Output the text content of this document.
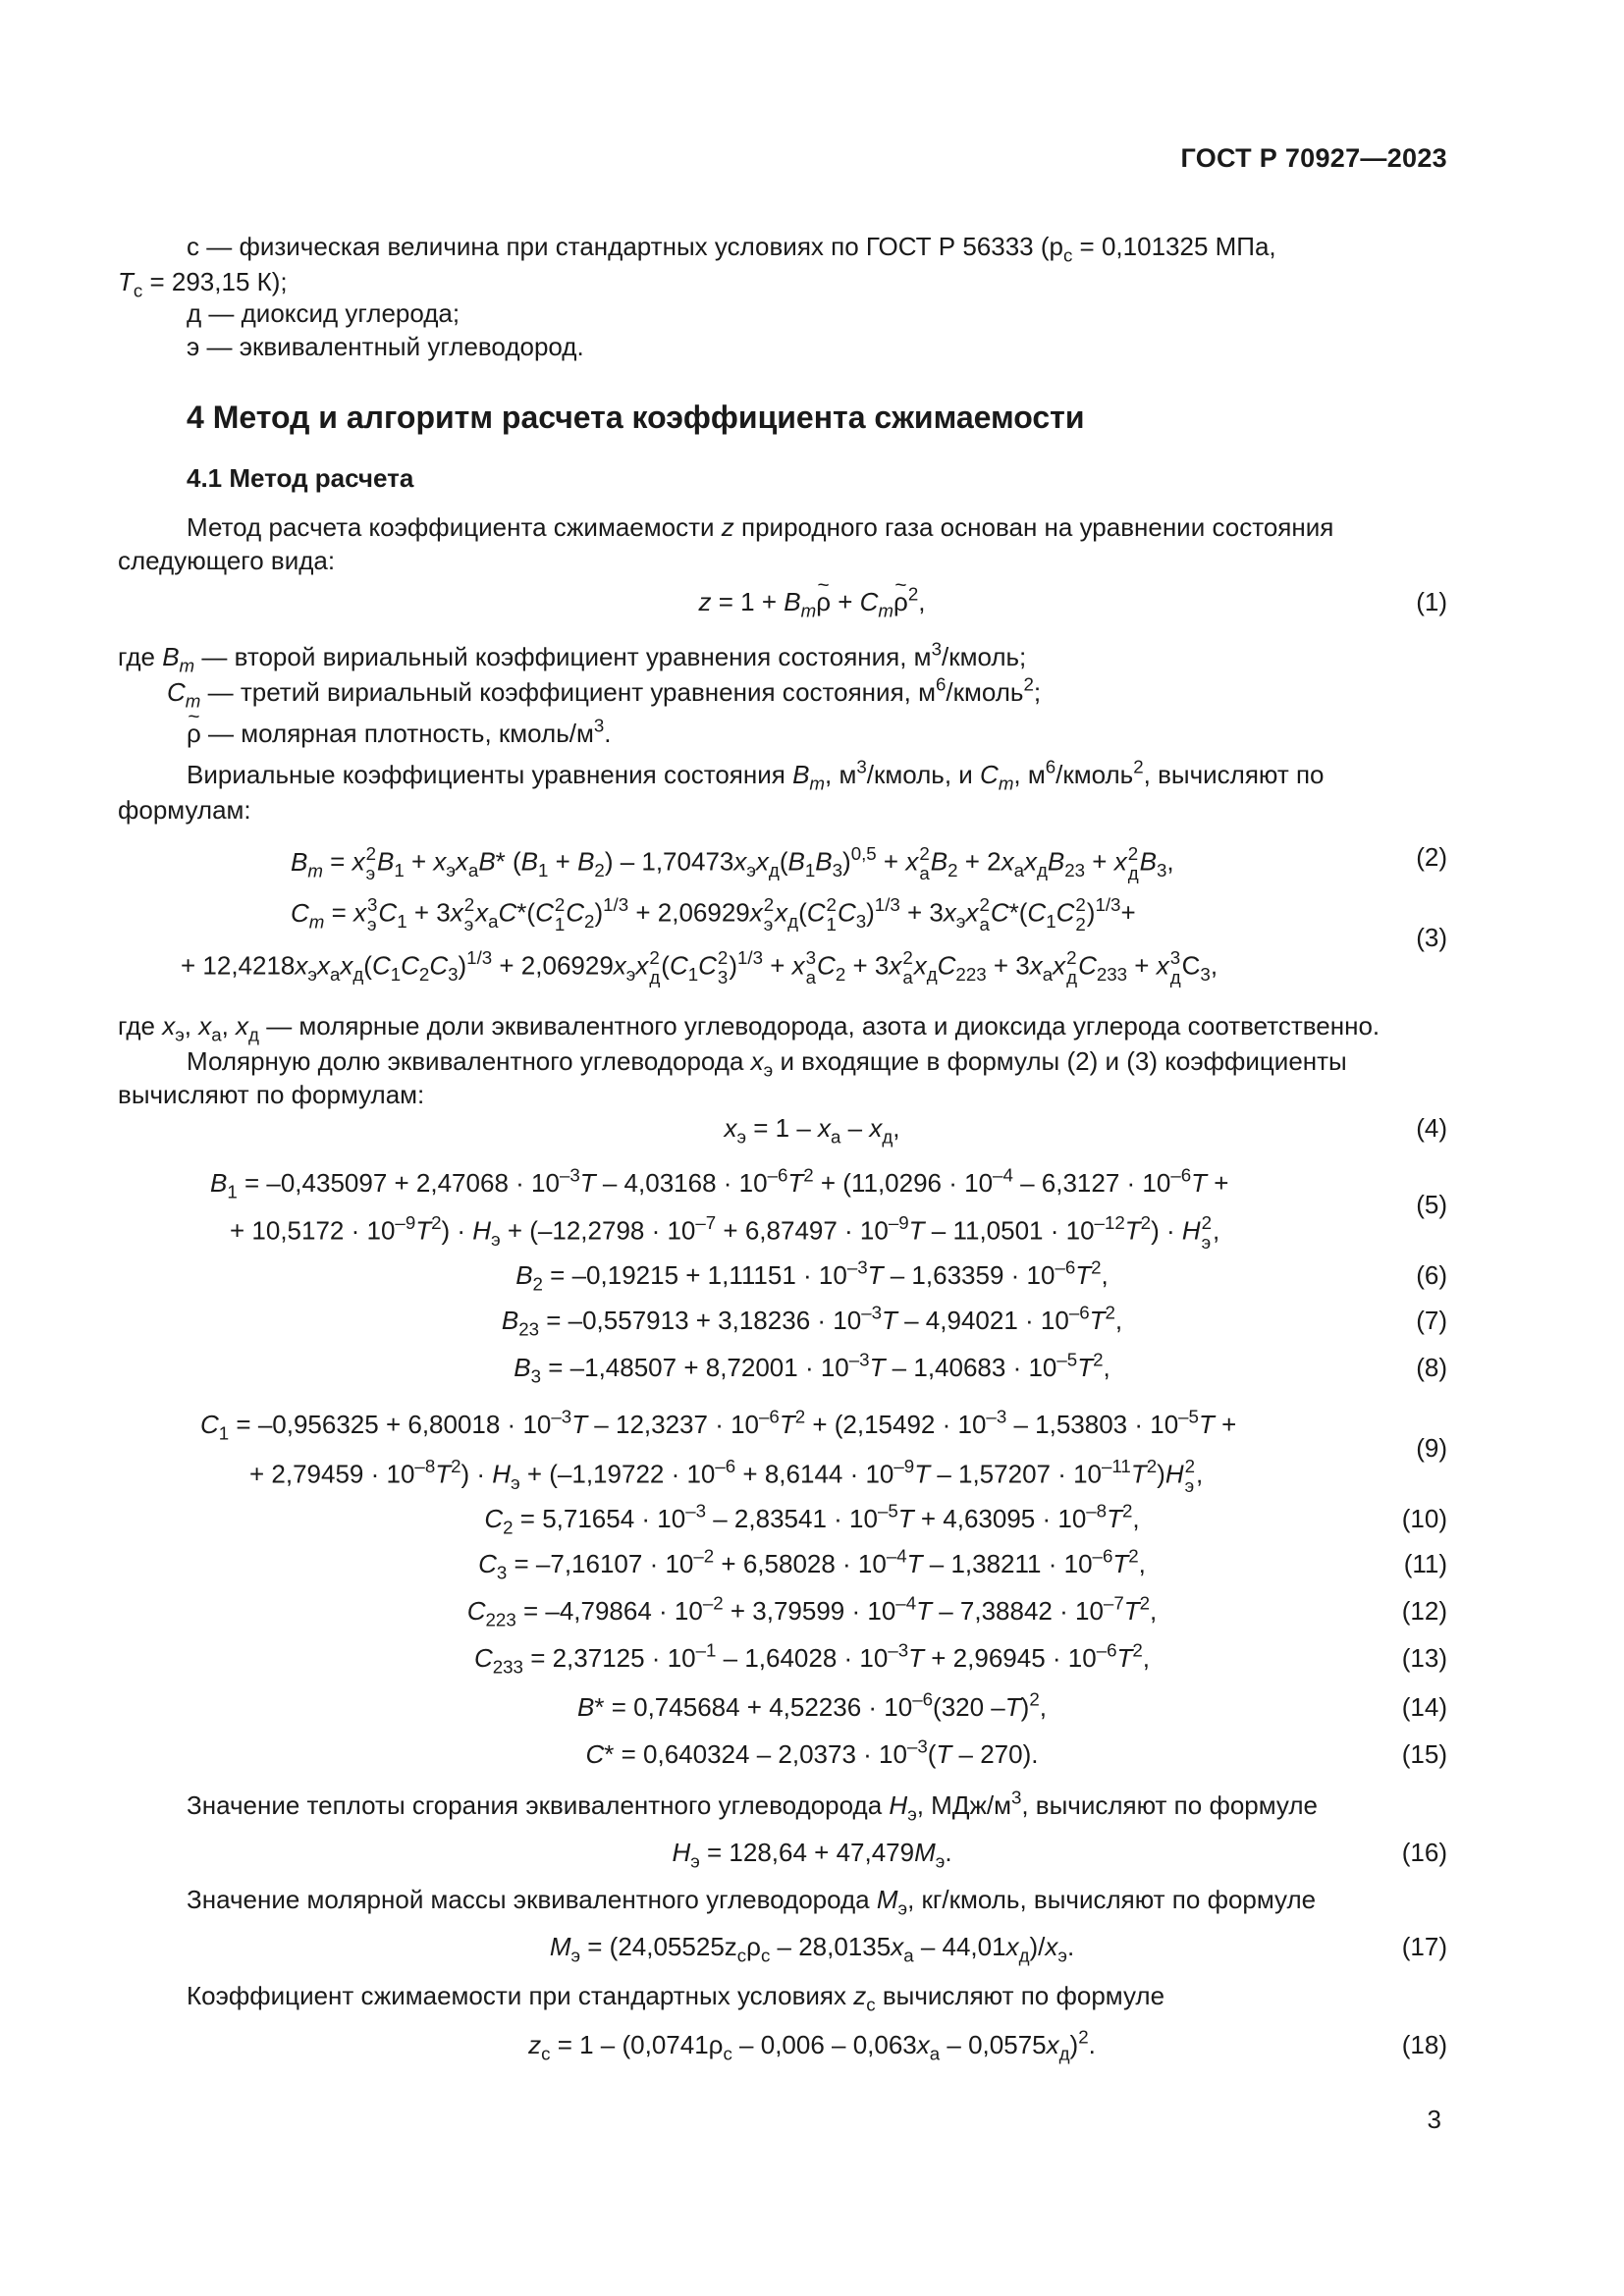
ГОСТ Р 70927—2023
с — физическая величина при стандартных условиях по ГОСТ Р 56333 ($p_с = 0,101325$ МПа,
$T_с = 293,15$ К);
д — диоксид углерода;
э — эквивалентный углеводород.
4 Метод и алгоритм расчета коэффициента сжимаемости
4.1 Метод расчета
Метод расчета коэффициента сжимаемости z природного газа основан на уравнении состояния
следующего вида:
$z = 1 + B_m\sim$ $\rho + C_m\sim$ $\rho^2$,	(1)
где $B_m$ — второй вириальный коэффициент уравнения состояния, $м^3$/кмоль;
$C_m$ — третий вириальный коэффициент уравнения состояния, $м^6/кмоль^2$;
~ ρ — молярная плотность, кмоль/$м^3$.
Вириальные коэффициенты уравнения состояния $B_m$, $м^3$/кмоль, и $C_m$, $м^6/кмоль^2$, вычисляют по
формулам:
$B_m = x$ 2
э $B_1 + x_эx_аB*$ $(B_1 + B_2) - 1,70473x_эx_д(B_1B_3)^{0,5} + x$ 2
а $B_2 + 2x_аx_дB_{23} + x$ 2
д $B_3$,	(2)
$C_m = x$ 3
э $C_1 + 3x$ 2
э $x_аC*(C$ 2
1 $C_2)^{1/3} + 2,06929x$ 2
э $x_д(C$ 2
1 $C_3)^{1/3} + 3x_эx$ 2
а $C*(C_1C$ 2
2 )$^{1/3}$+
+ $12,4218x_эx_аx_д(C_1C_2C_3)^{1/3} + 2,06929x_эx$ 2
д ($C_1C$ 2
3 )$^{1/3}$ + x 3
а $C_2 + 3x$ 2
а $x_дC_{223} + 3x_аx$ 2
д $C_{233} + x$ 3
д $C_3$,
(3)
где $x_э$, $x_а$, $x_д$ — молярные доли эквивалентного углеводорода, азота и диоксида углерода соответственно.
Молярную долю эквивалентного углеводорода $x_э$ и входящие в формулы (2) и (3) коэффициенты
вычисляют по формулам:
$x_э = 1 - x_а - x_д$,	(4)
$B_1 = -0,435097 + 2,47068 \cdot 10^{-3}T - 4,03168 \cdot 10^{-6}T^2 + (11,0296 \cdot 10^{-4} - 6,3127 \cdot 10^{-6}T$ +
+ $10,5172 \cdot 10^{-9}T^2) \cdot H_э + (-12,2798 \cdot 10^{-7} + 6,87497 \cdot 10^{-9}T - 11,0501 \cdot 10^{-12}T^2) \cdot H$ 2
э ,
(5)
$B_2 = -0,19215 + 1,11151 \cdot 10^{-3}T - 1,63359 \cdot 10^{-6}T^2$,	(6)
$B_{23} = -0,557913 + 3,18236 \cdot 10^{-3}T - 4,94021 \cdot 10^{-6}T^2$,	(7)
$B_3 = -1,48507 + 8,72001 \cdot 10^{-3}T - 1,40683 \cdot 10^{-5}T^2$,	(8)
$C_1 = -0,956325 + 6,80018 \cdot 10^{-3}T - 12,3237 \cdot 10^{-6}T^2 + (2,15492 \cdot 10^{-3} - 1,53803 \cdot 10^{-5}T$ +
+ $2,79459 \cdot 10^{-8}T^2) \cdot H_э + (-1,19722 \cdot 10^{-6} + 8,6144 \cdot 10^{-9}T - 1,57207 \cdot 10^{-11}T^2)H$ 2
э ,
(9)
$C_2 = 5,71654 \cdot 10^{-3} - 2,83541 \cdot 10^{-5}T + 4,63095 \cdot 10^{-8}T^2$,	(10)
$C_3 = -7,16107 \cdot 10^{-2} + 6,58028 \cdot 10^{-4}T - 1,38211 \cdot 10^{-6}T^2$,	(11)
$C_{223} = -4,79864 \cdot 10^{-2} + 3,79599 \cdot 10^{-4}T - 7,38842 \cdot 10^{-7}T^2$,	(12)
$C_{233} = 2,37125 \cdot 10^{-1} - 1,64028 \cdot 10^{-3}T + 2,96945 \cdot 10^{-6}T^2$,	(13)
$B* = 0,745684 + 4,52236 \cdot 10^{-6}(320$ –T)$^2$,	(14)
$C* = 0,640324 - 2,0373 \cdot 10^{-3}(T - 270)$.	(15)
Значение теплоты сгорания эквивалентного углеводорода $H_э$, МДж/$м^3$, вычисляют по формуле
$H_э = 128,64 + 47,479M_э$.	(16)
Значение молярной массы эквивалентного углеводорода $M_э$, кг/кмоль, вычисляют по формуле
$M_э = (24,05525z_с\rho_с - 28,0135x_а - 44,01x_д)/x_э$.	(17)
Коэффициент сжимаемости при стандартных условиях $z_с$ вычисляют по формуле
$z_с = 1 - (0,0741\rho_с - 0,006 - 0,063x_а - 0,0575x_д)^2$.	(18)
3
